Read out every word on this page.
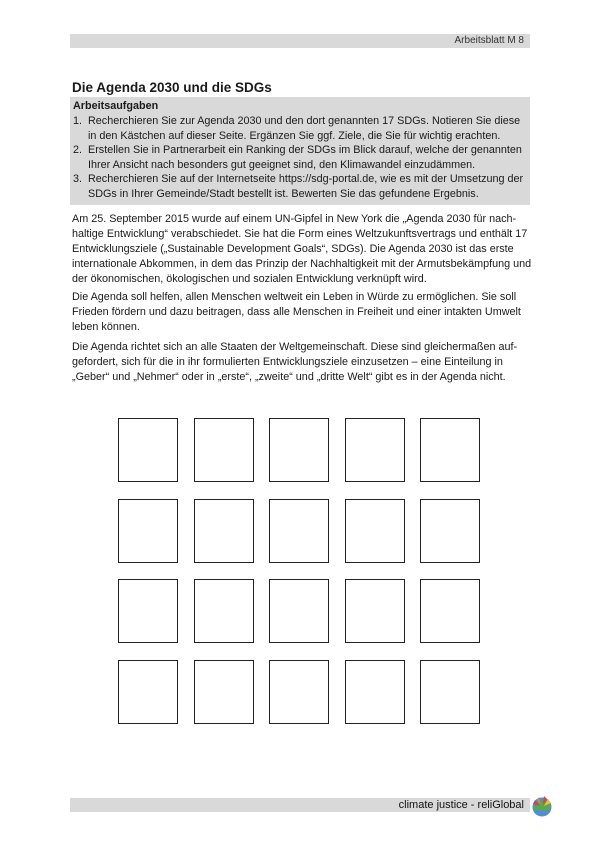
Arbeitsblatt M 8
Die Agenda 2030 und die SDGs
Arbeitsaufgaben
1. Recherchieren Sie zur Agenda 2030 und den dort genannten 17 SDGs. Notieren Sie diese in den Kästchen auf dieser Seite. Ergänzen Sie ggf. Ziele, die Sie für wichtig erachten.
2. Erstellen Sie in Partnerarbeit ein Ranking der SDGs im Blick darauf, welche der genannten Ihrer Ansicht nach besonders gut geeignet sind, den Klimawandel einzudämmen.
3. Recherchieren Sie auf der Internetseite https://sdg-portal.de, wie es mit der Umsetzung der SDGs in Ihrer Gemeinde/Stadt bestellt ist. Bewerten Sie das gefundene Ergebnis.

Am 25. September 2015 wurde auf einem UN-Gipfel in New York die „Agenda 2030 für nachhaltige Entwicklung“ verabschiedet. Sie hat die Form eines Weltzukunftsvertrags und enthält 17 Entwicklungsziele („Sustainable Development Goals“, SDGs). Die Agenda 2030 ist das erste internationale Abkommen, in dem das Prinzip der Nachhaltigkeit mit der Armutsbekämpfung und der ökonomischen, ökologischen und sozialen Entwicklung verknüpft wird.

Die Agenda soll helfen, allen Menschen weltweit ein Leben in Würde zu ermöglichen. Sie soll Frieden fördern und dazu beitragen, dass alle Menschen in Freiheit und einer intakten Umwelt leben können.

Die Agenda richtet sich an alle Staaten der Weltgemeinschaft. Diese sind gleichermaßen aufgefordert, sich für die in ihr formulierten Entwicklungsziele einzusetzen – eine Einteilung in „Geber“ und „Nehmer“ oder in „erste“, „zweite“ und „dritte Welt“ gibt es in der Agenda nicht.

climate justice - reliGlobal
